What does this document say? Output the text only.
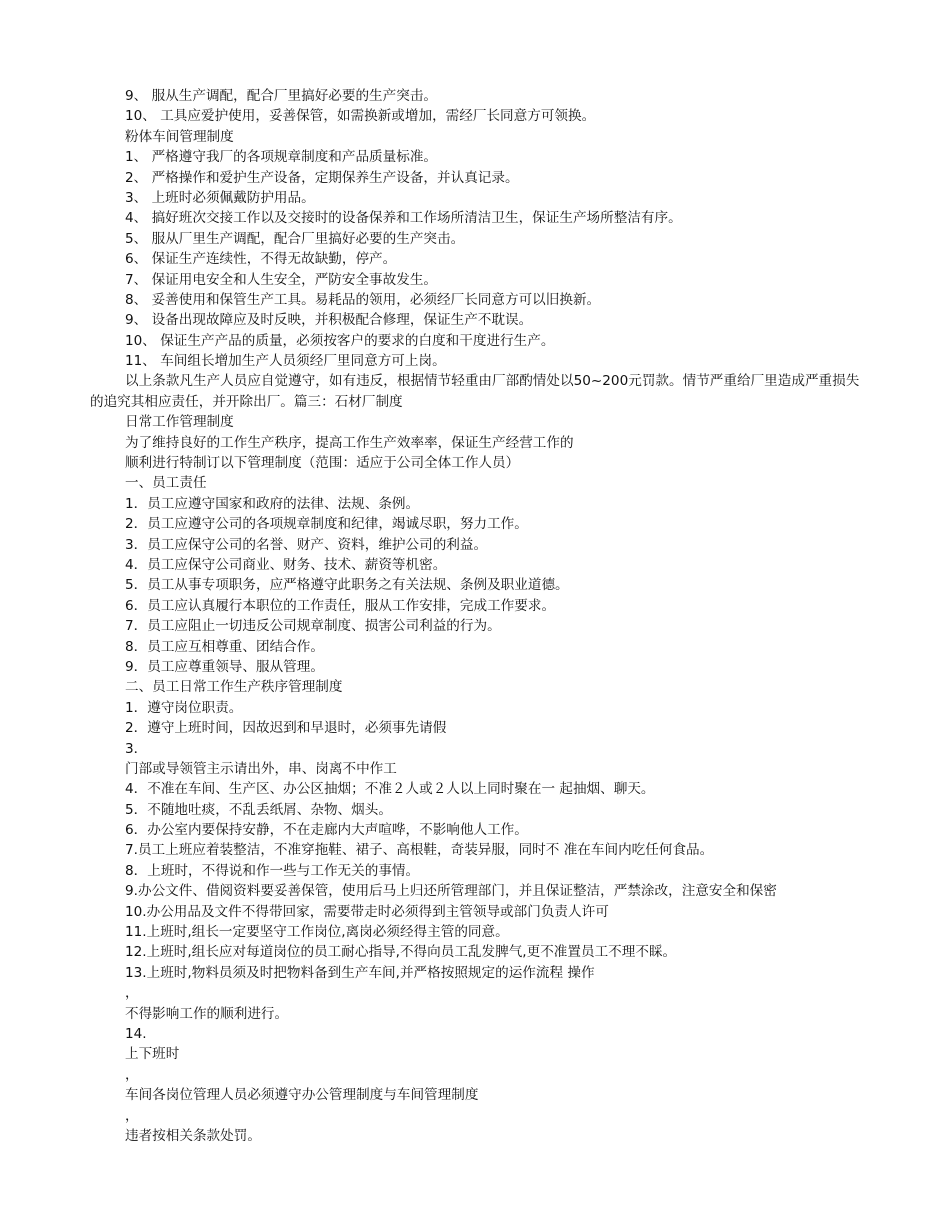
9、 服从生产调配，配合厂里搞好必要的生产突击。
10、 工具应爱护使用，妥善保管，如需换新或增加，需经厂长同意方可领换。
粉体车间管理制度
1、 严格遵守我厂的各项规章制度和产品质量标准。
2、 严格操作和爱护生产设备，定期保养生产设备，并认真记录。
3、 上班时必须佩戴防护用品。
4、 搞好班次交接工作以及交接时的设备保养和工作场所清洁卫生，保证生产场所整洁有序。
5、 服从厂里生产调配，配合厂里搞好必要的生产突击。
6、 保证生产连续性，不得无故缺勤，停产。
7、 保证用电安全和人生安全，严防安全事故发生。
8、 妥善使用和保管生产工具。易耗品的领用，必须经厂长同意方可以旧换新。
9、 设备出现故障应及时反映，并积极配合修理，保证生产不耽误。
10、 保证生产产品的质量，必须按客户的要求的白度和干度进行生产。
11、 车间组长增加生产人员须经厂里同意方可上岗。
以上条款凡生产人员应自觉遵守，如有违反，根据情节轻重由厂部酌情处以50~200元罚款。情节严重给厂里造成严重损失的追究其相应责任，并开除出厂。篇三：石材厂制度
日常工作管理制度
为了维持良好的工作生产秩序，提高工作生产效率率，保证生产经营工作的
顺利进行特制订以下管理制度（范围：适应于公司全体工作人员）
一、员工责任
1．员工应遵守国家和政府的法律、法规、条例。
2．员工应遵守公司的各项规章制度和纪律，竭诚尽职，努力工作。
3．员工应保守公司的名誉、财产、资料，维护公司的利益。
4．员工应保守公司商业、财务、技术、薪资等机密。
5．员工从事专项职务，应严格遵守此职务之有关法规、条例及职业道德。
6．员工应认真履行本职位的工作责任，服从工作安排，完成工作要求。
7．员工应阻止一切违反公司规章制度、损害公司利益的行为。
8．员工应互相尊重、团结合作。
9．员工应尊重领导、服从管理。
二、员工日常工作生产秩序管理制度
1．遵守岗位职责。
2．遵守上班时间，因故迟到和早退时，必须事先请假
3．
门部或导领管主示请出外，串、岗离不中作工
4．不准在车间、生产区、办公区抽烟；不准２人或２人以上同时聚在一 起抽烟、聊天。
5．不随地吐痰，不乱丢纸屑、杂物、烟头。
6．办公室内要保持安静，不在走廊内大声喧哗，不影响他人工作。
7.员工上班应着装整洁，不准穿拖鞋、裙子、高根鞋，奇装异服，同时不 准在车间内吃任何食品。
8．上班时，不得说和作一些与工作无关的事情。
9.办公文件、借阅资料要妥善保管，使用后马上归还所管理部门，并且保证整洁，严禁涂改，注意安全和保密
10.办公用品及文件不得带回家，需要带走时必须得到主管领导或部门负责人许可
11.上班时,组长一定要坚守工作岗位,离岗必须经得主管的同意。
12.上班时,组长应对每道岗位的员工耐心指导,不得向员工乱发脾气,更不准置员工不理不睬。
13.上班时,物料员须及时把物料备到生产车间,并严格按照规定的运作流程 操作
，
不得影响工作的顺利进行。
14.
上下班时
，
车间各岗位管理人员必须遵守办公管理制度与车间管理制度
，
违者按相关条款处罚。
